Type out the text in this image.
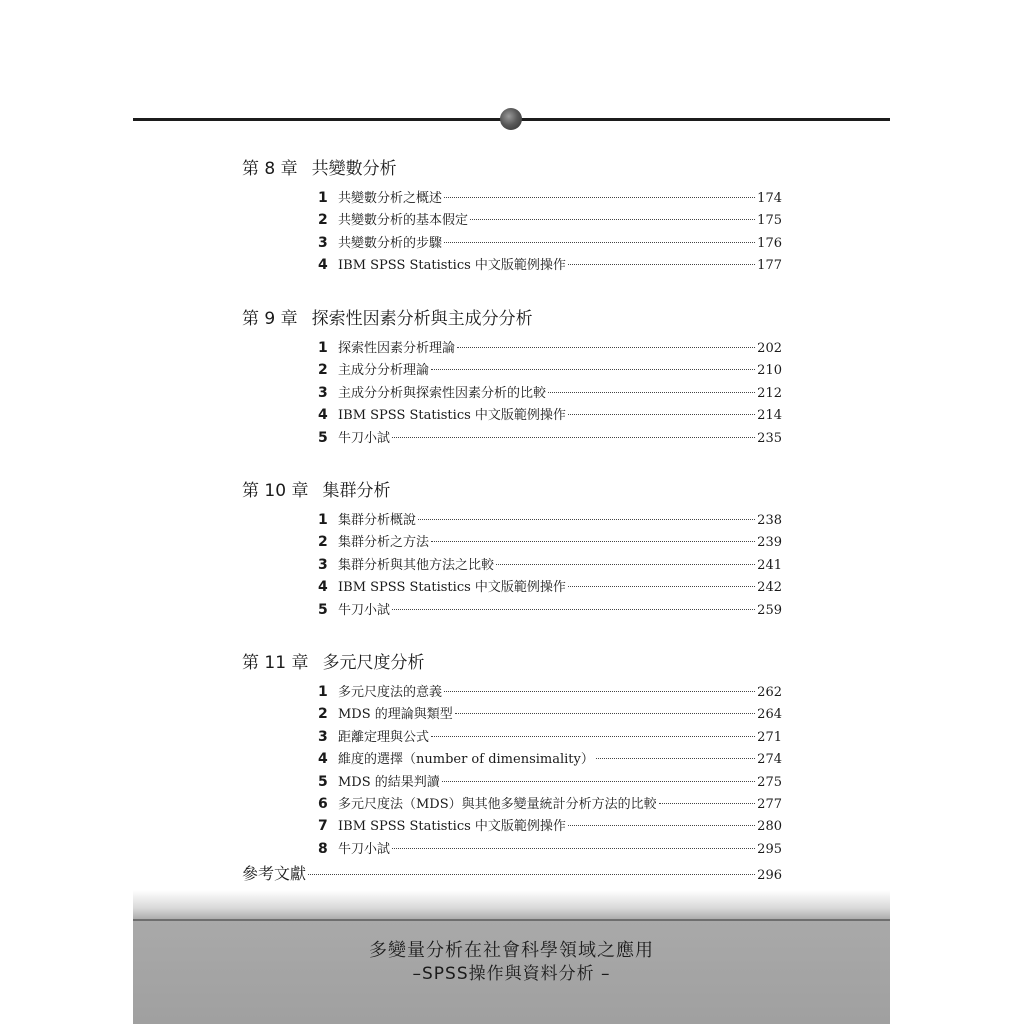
第 8 章 共變數分析
1 共變數分析之概述	174
2 共變數分析的基本假定	175
3 共變數分析的步驟	176
4 IBM SPSS Statistics 中文版範例操作	177
第 9 章 探索性因素分析與主成分分析
1 探索性因素分析理論	202
2 主成分分析理論	210
3 主成分分析與探索性因素分析的比較	212
4 IBM SPSS Statistics 中文版範例操作	214
5 牛刀小試	235
第 10 章 集群分析
1 集群分析概說	238
2 集群分析之方法	239
3 集群分析與其他方法之比較	241
4 IBM SPSS Statistics 中文版範例操作	242
5 牛刀小試	259
第 11 章 多元尺度分析
1 多元尺度法的意義	262
2 MDS 的理論與類型	264
3 距離定理與公式	271
4 維度的選擇（number of dimensimality）	274
5 MDS 的結果判讀	275
6 多元尺度法（MDS）與其他多變量統計分析方法的比較	277
7 IBM SPSS Statistics 中文版範例操作	280
8 牛刀小試	295
參考文獻	296
多變量分析在社會科學領域之應用
–SPSS操作與資料分析 –
